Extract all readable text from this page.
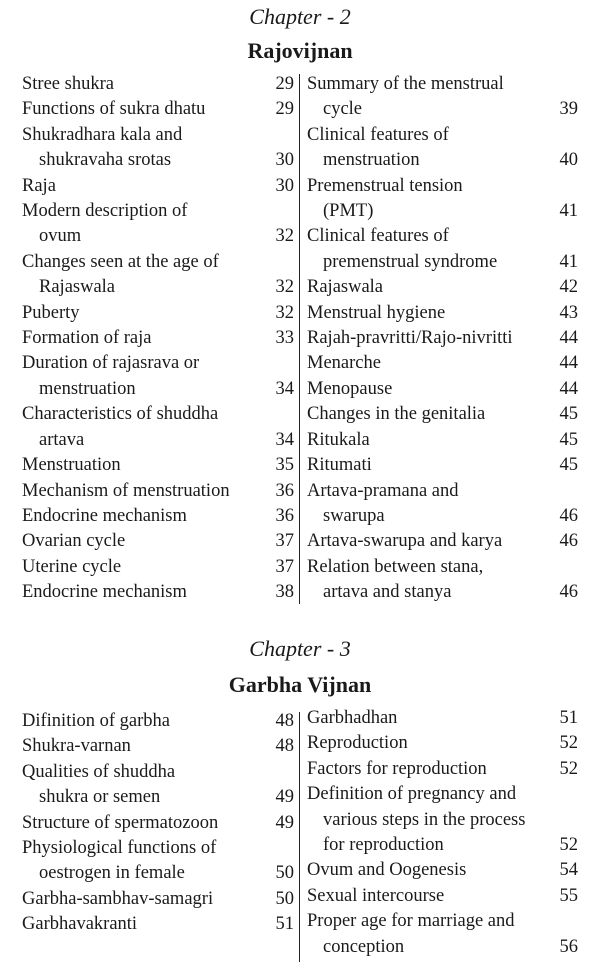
Chapter - 2
Rajovijnan
Stree shukra	29
Functions of sukra dhatu	29
Shukradhara kala and
shukravaha srotas	30
Raja	30
Modern description of
ovum	32
Changes seen at the age of
Rajaswala	32
Puberty	32
Formation of raja	33
Duration of rajasrava or
menstruation	34
Characteristics of shuddha
artava	34
Menstruation	35
Mechanism of menstruation	36
Endocrine mechanism	36
Ovarian cycle	37
Uterine cycle	37
Endocrine mechanism	38
Summary of the menstrual
cycle	39
Clinical features of
menstruation	40
Premenstrual tension
(PMT)	41
Clinical features of
premenstrual syndrome	41
Rajaswala	42
Menstrual hygiene	43
Rajah-pravritti/Rajo-nivritti	44
Menarche	44
Menopause	44
Changes in the genitalia	45
Ritukala	45
Ritumati	45
Artava-pramana and
swarupa	46
Artava-swarupa and karya	46
Relation between stana,
artava and stanya	46
Chapter - 3
Garbha Vijnan
Difinition of garbha	48
Shukra-varnan	48
Qualities of shuddha
shukra or semen	49
Structure of spermatozoon	49
Physiological functions of
oestrogen in female	50
Garbha-sambhav-samagri	50
Garbhavakranti	51
Garbhadhan	51
Reproduction	52
Factors for reproduction	52
Definition of pregnancy and
various steps in the process
for reproduction	52
Ovum and Oogenesis	54
Sexual intercourse	55
Proper age for marriage and
conception	56
